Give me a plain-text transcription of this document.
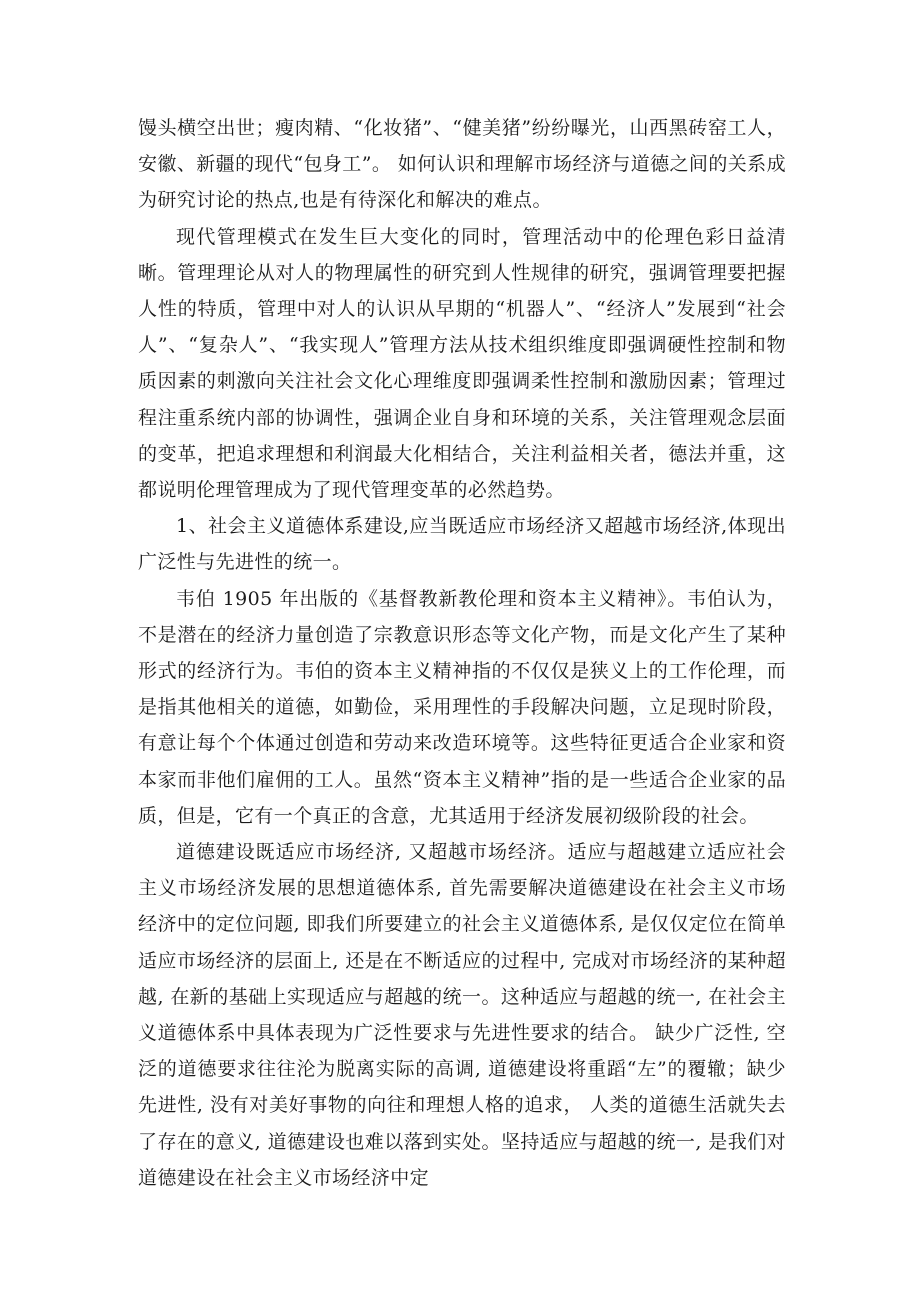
馒头横空出世；瘦肉精、“化妆猪”、“健美猪”纷纷曝光，山西黑砖窑工人，安徽、新疆的现代“包身工”。 如何认识和理解市场经济与道德之间的关系成为研究讨论的热点,也是有待深化和解决的难点。

现代管理模式在发生巨大变化的同时，管理活动中的伦理色彩日益清晰。管理理论从对人的物理属性的研究到人性规律的研究，强调管理要把握人性的特质，管理中对人的认识从早期的“机器人”、“经济人”发展到“社会人”、“复杂人”、“我实现人”管理方法从技术组织维度即强调硬性控制和物质因素的刺激向关注社会文化心理维度即强调柔性控制和激励因素；管理过程注重系统内部的协调性，强调企业自身和环境的关系，关注管理观念层面的变革，把追求理想和利润最大化相结合，关注利益相关者，德法并重，这都说明伦理管理成为了现代管理变革的必然趋势。

1、社会主义道德体系建设,应当既适应市场经济又超越市场经济,体现出广泛性与先进性的统一。

韦伯 1905 年出版的《基督教新教伦理和资本主义精神》。韦伯认为，不是潜在的经济力量创造了宗教意识形态等文化产物，而是文化产生了某种形式的经济行为。韦伯的资本主义精神指的不仅仅是狭义上的工作伦理，而是指其他相关的道德，如勤俭，采用理性的手段解决问题，立足现时阶段，有意让每个个体通过创造和劳动来改造环境等。这些特征更适合企业家和资本家而非他们雇佣的工人。虽然“资本主义精神”指的是一些适合企业家的品质，但是，它有一个真正的含意，尤其适用于经济发展初级阶段的社会。

道德建设既适应市场经济, 又超越市场经济。适应与超越建立适应社会主义市场经济发展的思想道德体系, 首先需要解决道德建设在社会主义市场经济中的定位问题, 即我们所要建立的社会主义道德体系, 是仅仅定位在简单适应市场经济的层面上, 还是在不断适应的过程中, 完成对市场经济的某种超越, 在新的基础上实现适应与超越的统一。这种适应与超越的统一, 在社会主义道德体系中具体表现为广泛性要求与先进性要求的结合。 缺少广泛性, 空泛的道德要求往往沦为脱离实际的高调, 道德建设将重蹈“左”的覆辙；缺少先进性, 没有对美好事物的向往和理想人格的追求， 人类的道德生活就失去了存在的意义, 道德建设也难以落到实处。坚持适应与超越的统一, 是我们对道德建设在社会主义市场经济中定
